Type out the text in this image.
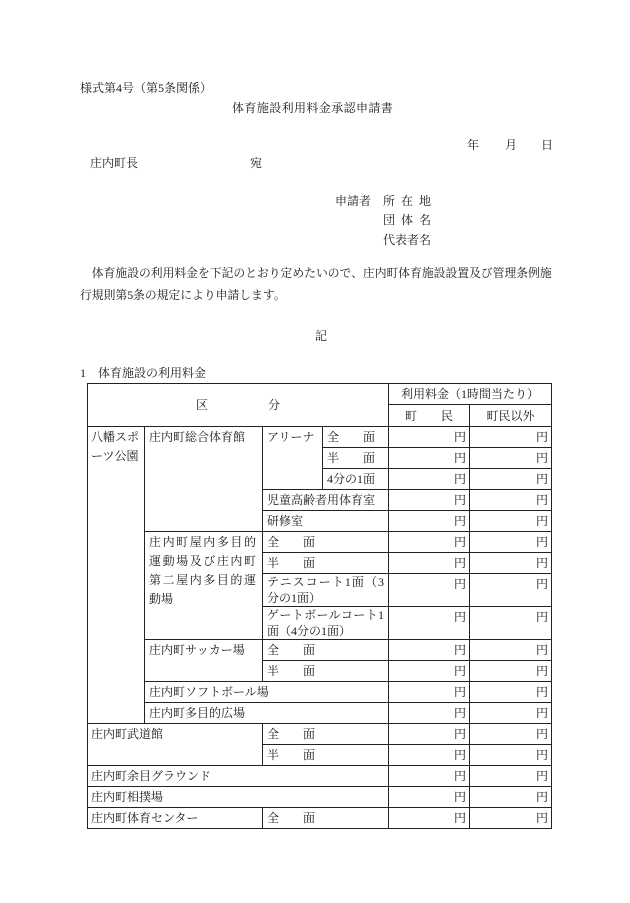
様式第4号（第5条関係）
体育施設利用料金承認申請書
年 月 日
庄内町長	宛
申請者 所在地
団体名
代表者名
　体育施設の利用料金を下記のとおり定めたいので、庄内町体育施設設置及び管理条例施
行規則第5条の規定により申請します。
記
1　体育施設の利用料金
区　　　　　分				利用料金（1時間当たり）	
				町　　民	町民以外
八幡スポーツ公園	庄内町総合体育館	アリーナ	全　　面	円	円
			半　　面	円	円
			4分の1面	円	円
		児童高齢者用体育室		円	円
		研修室		円	円
	庄内町屋内多目的運動場及び庄内町第二屋内多目的運動場	全　　面		円	円
		半　　面		円	円
		テニスコート1面（3分の1面）		円	円
		ゲートボールコート1面（4分の1面）		円	円
	庄内町サッカー場	全　　面		円	円
		半　　面		円	円
	庄内町ソフトボール場			円	円
	庄内町多目的広場			円	円
庄内町武道館		全　　面		円	円
		半　　面		円	円
庄内町余目グラウンド				円	円
庄内町相撲場				円	円
庄内町体育センター		全　　面		円	円
